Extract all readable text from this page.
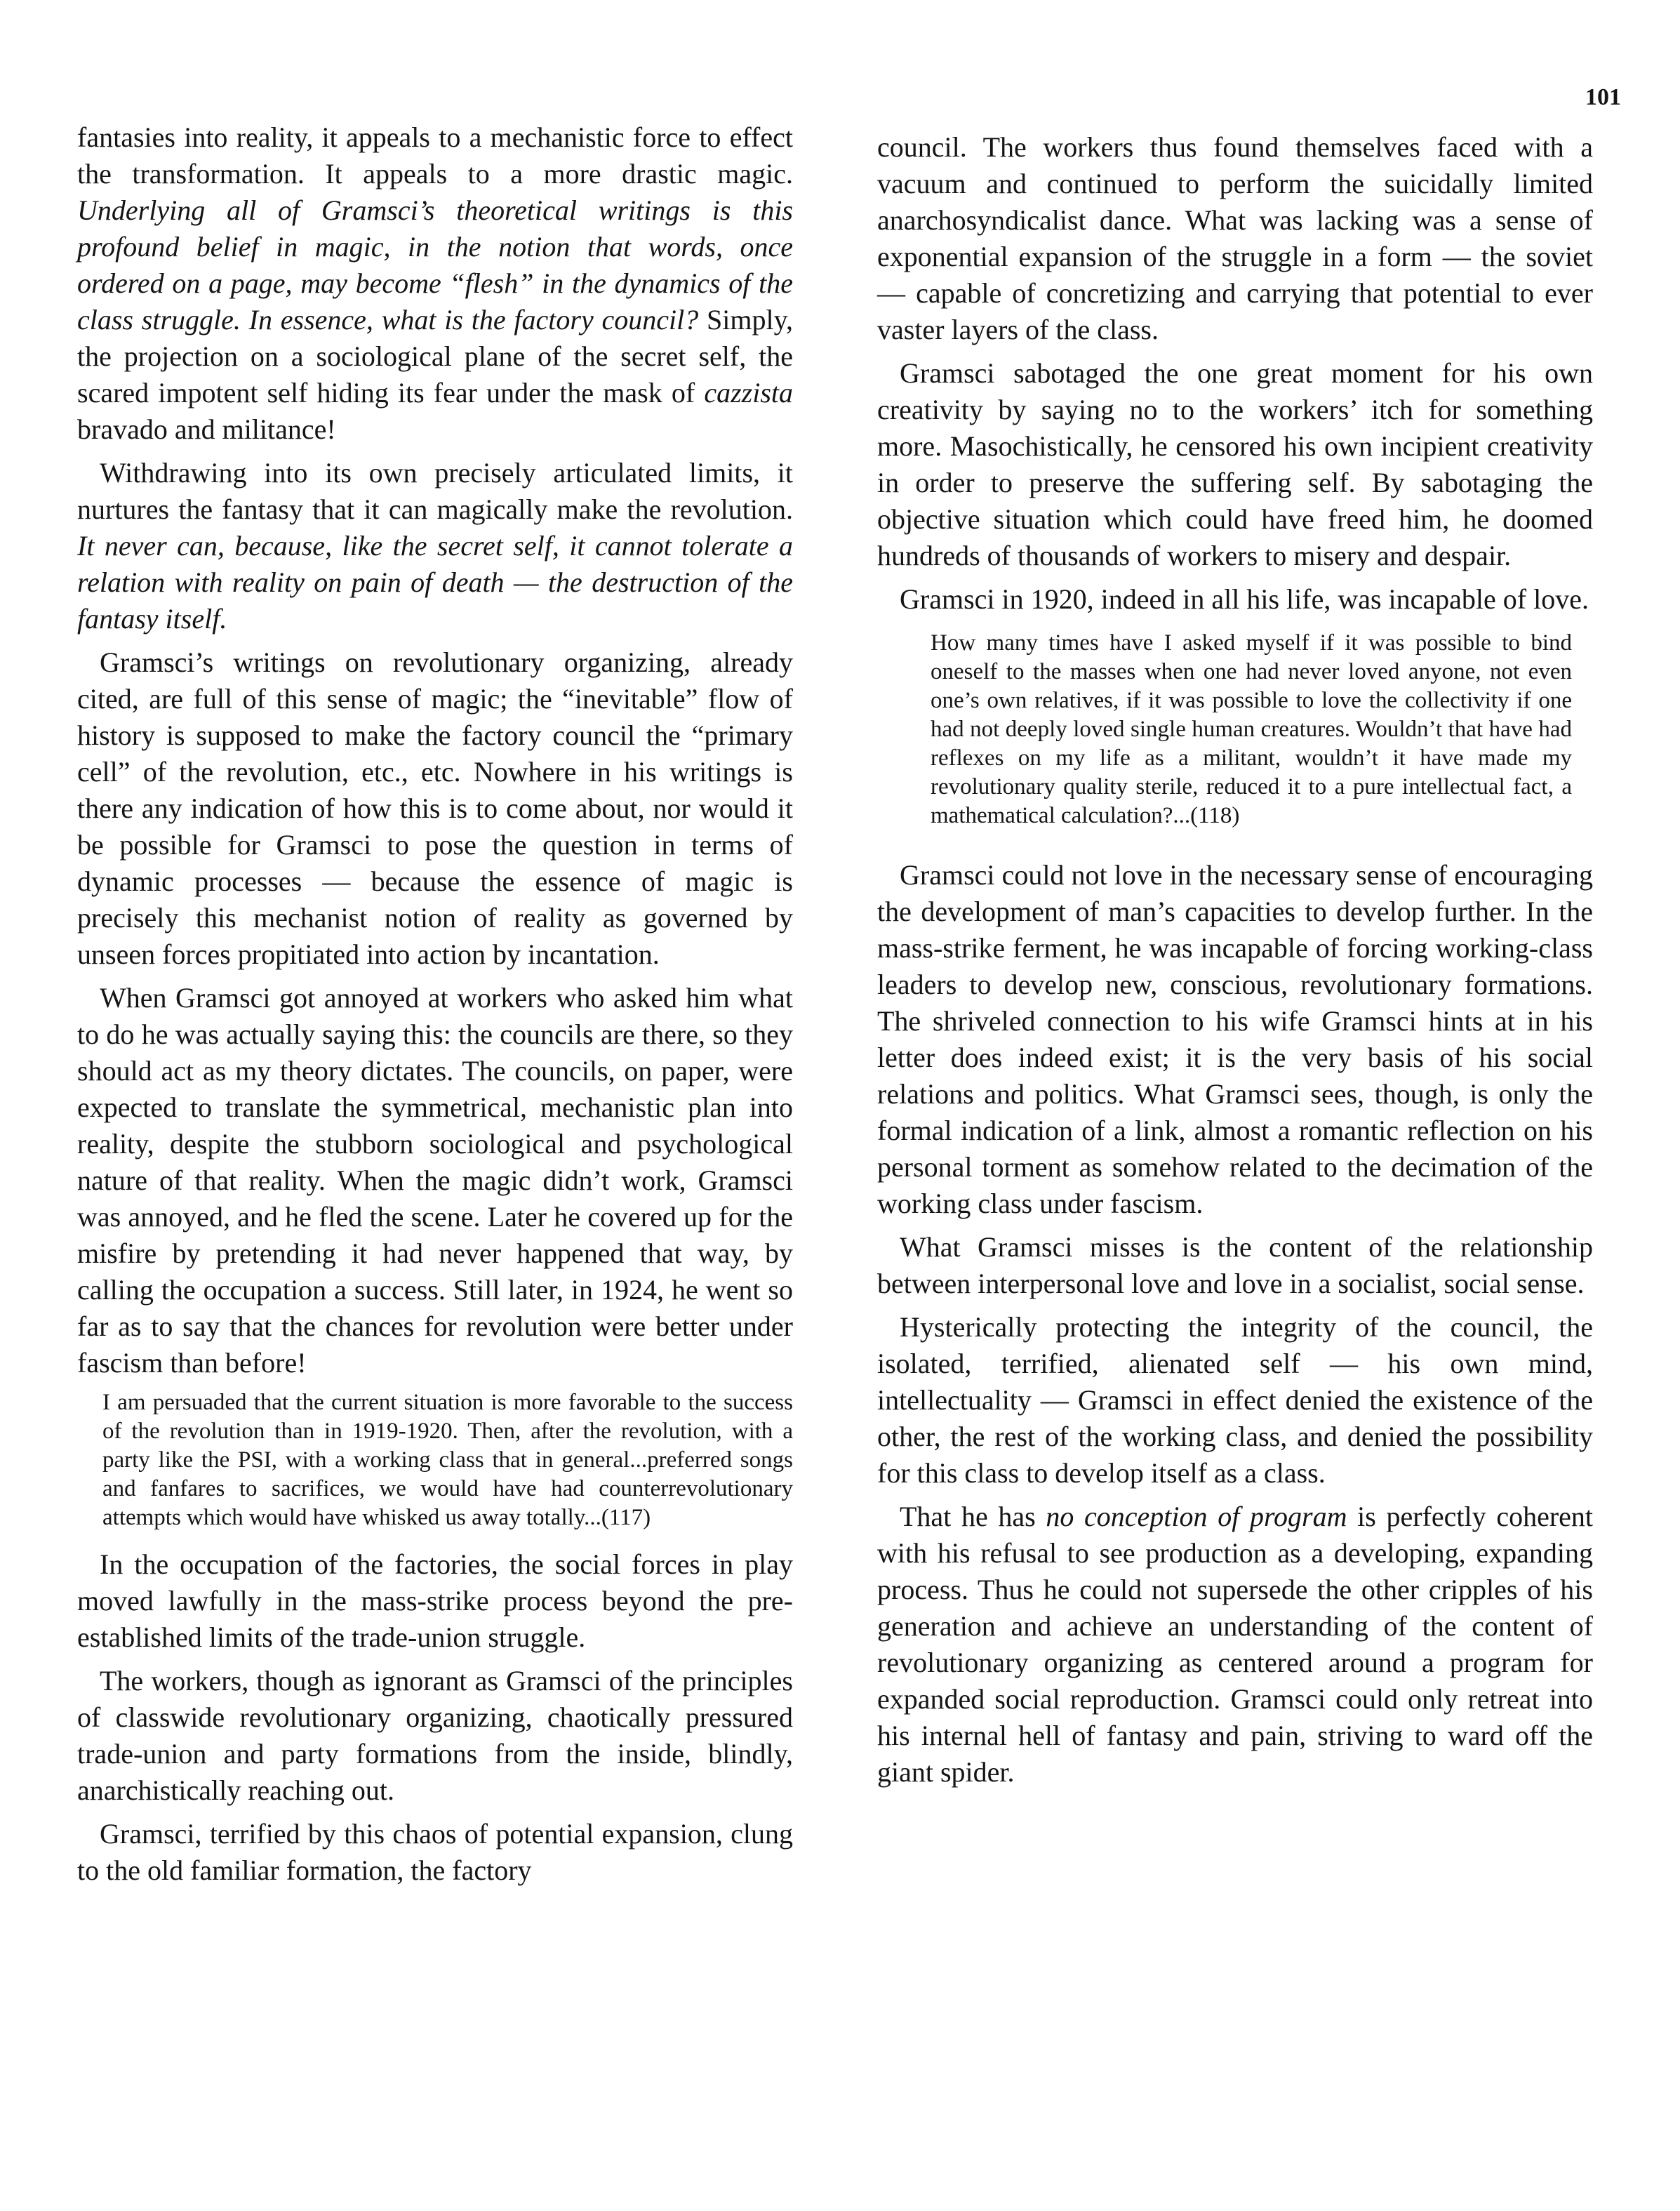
101

fantasies into reality, it appeals to a mechanistic force to effect the transformation. It appeals to a more drastic magic. Underlying all of Gramsci’s theoretical writings is this profound belief in magic, in the notion that words, once ordered on a page, may become “flesh” in the dynamics of the class struggle. In essence, what is the factory council? Simply, the projection on a sociological plane of the secret self, the scared impotent self hiding its fear under the mask of cazzista bravado and militance!

Withdrawing into its own precisely articulated limits, it nurtures the fantasy that it can magically make the revolution. It never can, because, like the secret self, it cannot tolerate a relation with reality on pain of death — the destruction of the fantasy itself.

Gramsci’s writings on revolutionary organizing, already cited, are full of this sense of magic; the “inevitable” flow of history is supposed to make the factory council the “primary cell” of the revolution, etc., etc. Nowhere in his writings is there any indication of how this is to come about, nor would it be possible for Gramsci to pose the question in terms of dynamic processes — because the essence of magic is precisely this mechanist notion of reality as governed by unseen forces propitiated into action by incantation.

When Gramsci got annoyed at workers who asked him what to do he was actually saying this: the councils are there, so they should act as my theory dictates. The councils, on paper, were expected to translate the symmetrical, mechanistic plan into reality, despite the stubborn sociological and psychological nature of that reality. When the magic didn’t work, Gramsci was annoyed, and he fled the scene. Later he covered up for the misfire by pretending it had never happened that way, by calling the occupation a success. Still later, in 1924, he went so far as to say that the chances for revolution were better under fascism than before!

I am persuaded that the current situation is more favorable to the success of the revolution than in 1919-1920. Then, after the revolution, with a party like the PSI, with a working class that in general...preferred songs and fanfares to sacrifices, we would have had counterrevolutionary attempts which would have whisked us away totally...(117)

In the occupation of the factories, the social forces in play moved lawfully in the mass-strike process beyond the pre-established limits of the trade-union struggle.

The workers, though as ignorant as Gramsci of the principles of classwide revolutionary organizing, chaotically pressured trade-union and party formations from the inside, blindly, anarchistically reaching out.

Gramsci, terrified by this chaos of potential expansion, clung to the old familiar formation, the factory

council. The workers thus found themselves faced with a vacuum and continued to perform the suicidally limited anarchosyndicalist dance. What was lacking was a sense of exponential expansion of the struggle in a form — the soviet — capable of concretizing and carrying that potential to ever vaster layers of the class.

Gramsci sabotaged the one great moment for his own creativity by saying no to the workers’ itch for something more. Masochistically, he censored his own incipient creativity in order to preserve the suffering self. By sabotaging the objective situation which could have freed him, he doomed hundreds of thousands of workers to misery and despair.

Gramsci in 1920, indeed in all his life, was incapable of love.

How many times have I asked myself if it was possible to bind oneself to the masses when one had never loved anyone, not even one’s own relatives, if it was possible to love the collectivity if one had not deeply loved single human creatures. Wouldn’t that have had reflexes on my life as a militant, wouldn’t it have made my revolutionary quality sterile, reduced it to a pure intellectual fact, a mathematical calculation?...(118)

Gramsci could not love in the necessary sense of encouraging the development of man’s capacities to develop further. In the mass-strike ferment, he was incapable of forcing working-class leaders to develop new, conscious, revolutionary formations. The shriveled connection to his wife Gramsci hints at in his letter does indeed exist; it is the very basis of his social relations and politics. What Gramsci sees, though, is only the formal indication of a link, almost a romantic reflection on his personal torment as somehow related to the decimation of the working class under fascism.

What Gramsci misses is the content of the relationship between interpersonal love and love in a socialist, social sense.

Hysterically protecting the integrity of the council, the isolated, terrified, alienated self — his own mind, intellectuality — Gramsci in effect denied the existence of the other, the rest of the working class, and denied the possibility for this class to develop itself as a class.

That he has no conception of program is perfectly coherent with his refusal to see production as a developing, expanding process. Thus he could not supersede the other cripples of his generation and achieve an understanding of the content of revolutionary organizing as centered around a program for expanded social reproduction. Gramsci could only retreat into his internal hell of fantasy and pain, striving to ward off the giant spider.
